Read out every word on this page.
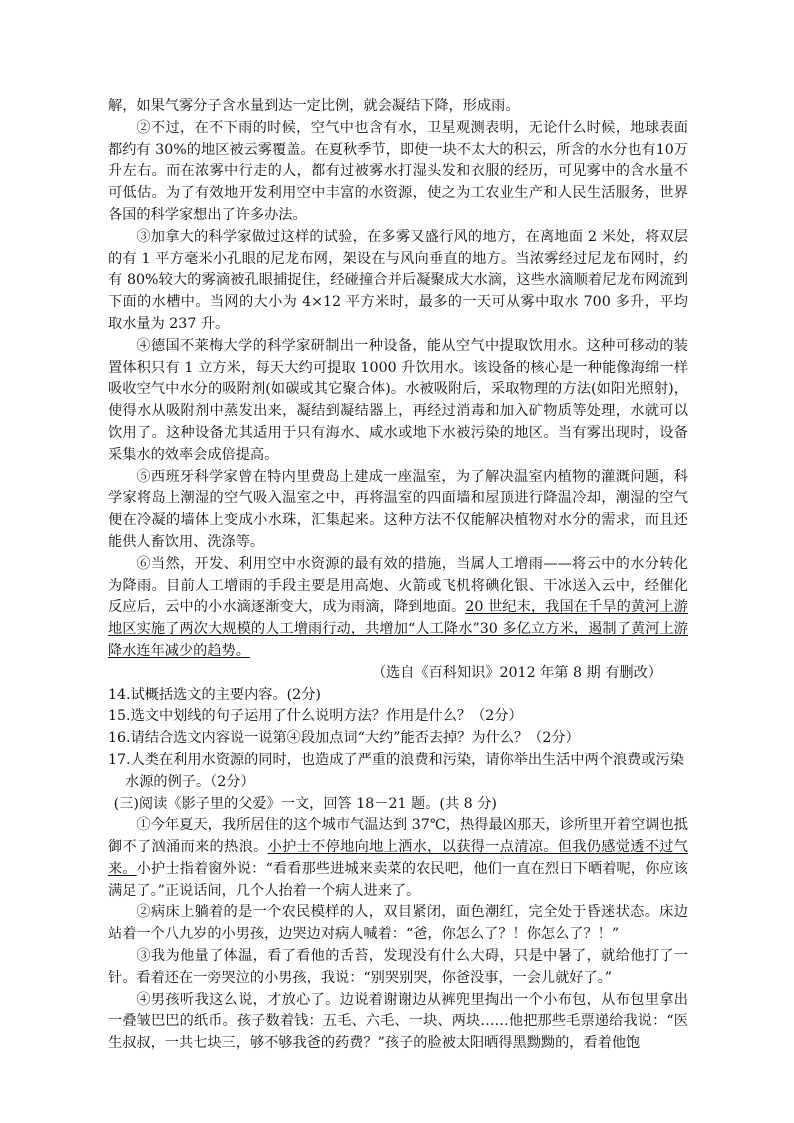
解，如果气雾分子含水量到达一定比例，就会凝结下降，形成雨。

②不过，在不下雨的时候，空气中也含有水，卫星观测表明，无论什么时候，地球表面都约有 30%的地区被云雾覆盖。在夏秋季节，即使一块不太大的积云，所含的水分也有10万升左右。而在浓雾中行走的人，都有过被雾水打湿头发和衣服的经历，可见雾中的含水量不可低估。为了有效地开发利用空中丰富的水资源，使之为工农业生产和人民生活服务，世界各国的科学家想出了许多办法。

③加拿大的科学家做过这样的试验，在多雾又盛行风的地方，在离地面 2 米处，将双层的有 1 平方毫米小孔眼的尼龙布网，架设在与风向垂直的地方。当浓雾经过尼龙布网时，约有 80%较大的雾滴被孔眼捕捉住，经碰撞合并后凝聚成大水滴，这些水滴顺着尼龙布网流到下面的水槽中。当网的大小为 4×12 平方米时，最多的一天可从雾中取水 700 多升，平均取水量为 237 升。

④德国不莱梅大学的科学家研制出一种设备，能从空气中提取饮用水。这种可移动的装置体积只有 1 立方米，每天大约可提取 1000 升饮用水。该设备的核心是一种能像海绵一样吸收空气中水分的吸附剂(如碳或其它聚合体)。水被吸附后，采取物理的方法(如阳光照射)，使得水从吸附剂中蒸发出来，凝结到凝结器上，再经过消毒和加入矿物质等处理，水就可以饮用了。这种设备尤其适用于只有海水、咸水或地下水被污染的地区。当有雾出现时，设备采集水的效率会成倍提高。

⑤西班牙科学家曾在特内里费岛上建成一座温室，为了解决温室内植物的灌溉问题，科学家将岛上潮湿的空气吸入温室之中，再将温室的四面墙和屋顶进行降温冷却，潮湿的空气便在冷凝的墙体上变成小水珠，汇集起来。这种方法不仅能解决植物对水分的需求，而且还能供人畜饮用、洗涤等。

⑥当然，开发、利用空中水资源的最有效的措施，当属人工增雨——将云中的水分转化为降雨。目前人工增雨的手段主要是用高炮、火箭或飞机将碘化银、干冰送入云中，经催化反应后，云中的小水滴逐渐变大，成为雨滴，降到地面。20 世纪末，我国在千旱的黄河上游地区实施了两次大规模的人工增雨行动，共增加“人工降水”30 多亿立方米，遏制了黄河上游降水连年减少的趋势。

（选自《百科知识》2012 年第 8 期 有删改）

14.试概括选文的主要内容。(2分)

15.选文中划线的句子运用了什么说明方法？作用是什么？（2分）

16.请结合选文内容说一说第④段加点词“大约”能否去掉？为什么？（2分）

17.人类在利用水资源的同时，也造成了严重的浪费和污染，请你举出生活中两个浪费或污染水源的例子。（2分）

(三)阅读《影子里的父爱》一文，回答 18－21 题。(共 8 分)

①今年夏天，我所居住的这个城市气温达到 37℃，热得最凶那天，诊所里开着空调也抵御不了汹涌而来的热浪。小护士不停地向地上洒水，以获得一点清凉。但我仍感觉透不过气来。小护士指着窗外说：“看看那些进城来卖菜的农民吧，他们一直在烈日下晒着呢，你应该满足了。”正说话间，几个人抬着一个病人进来了。

②病床上躺着的是一个农民模样的人，双目紧闭，面色潮红，完全处于昏迷状态。床边站着一个八九岁的小男孩，边哭边对病人喊着：“爸，你怎么了？！你怎么了？！”

③我为他量了体温，看了看他的舌苔，发现没有什么大碍，只是中暑了，就给他打了一针。看着还在一旁哭泣的小男孩，我说：“别哭别哭，你爸没事，一会儿就好了。”

④男孩听我这么说，才放心了。边说着谢谢边从裤兜里掏出一个小布包，从布包里拿出一叠皱巴巴的纸币。孩子数着钱：五毛、六毛、一块、两块……他把那些毛票递给我说：“医生叔叔，一共七块三，够不够我爸的药费？”孩子的脸被太阳晒得黑黝黝的，看着他饱
